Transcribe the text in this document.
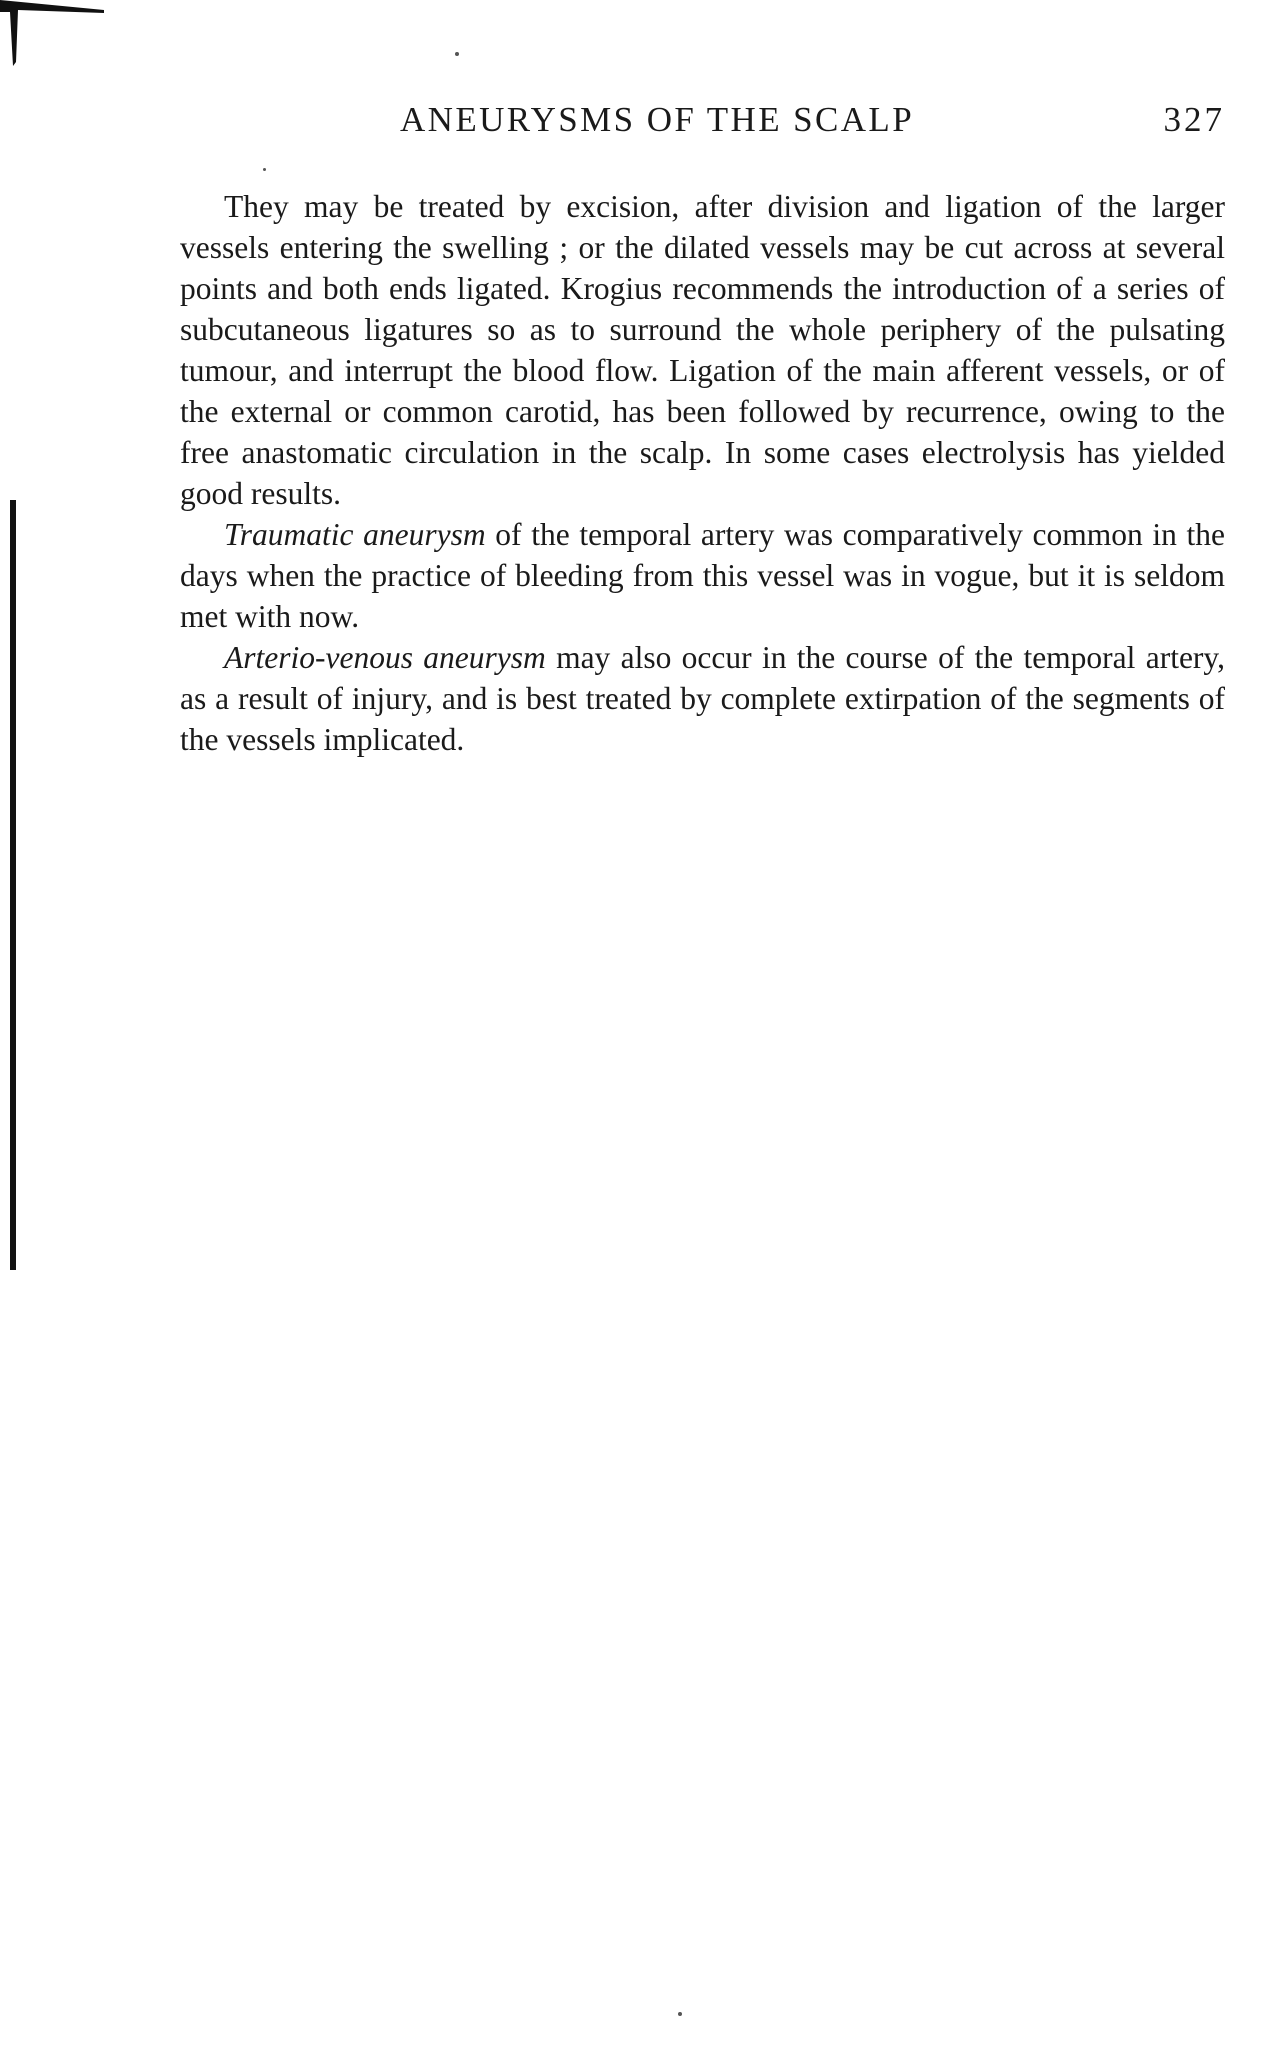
ANEURYSMS OF THE SCALP	327

They may be treated by excision, after division and ligation of the larger vessels entering the swelling ; or the dilated vessels may be cut across at several points and both ends ligated. Krogius recommends the introduction of a series of subcutaneous ligatures so as to surround the whole periphery of the pulsating tumour, and interrupt the blood flow. Ligation of the main afferent vessels, or of the external or common carotid, has been followed by recurrence, owing to the free anastomatic circulation in the scalp. In some cases electrolysis has yielded good results.

Traumatic aneurysm of the temporal artery was comparatively common in the days when the practice of bleeding from this vessel was in vogue, but it is seldom met with now.

Arterio-venous aneurysm may also occur in the course of the temporal artery, as a result of injury, and is best treated by complete extirpation of the segments of the vessels implicated.
